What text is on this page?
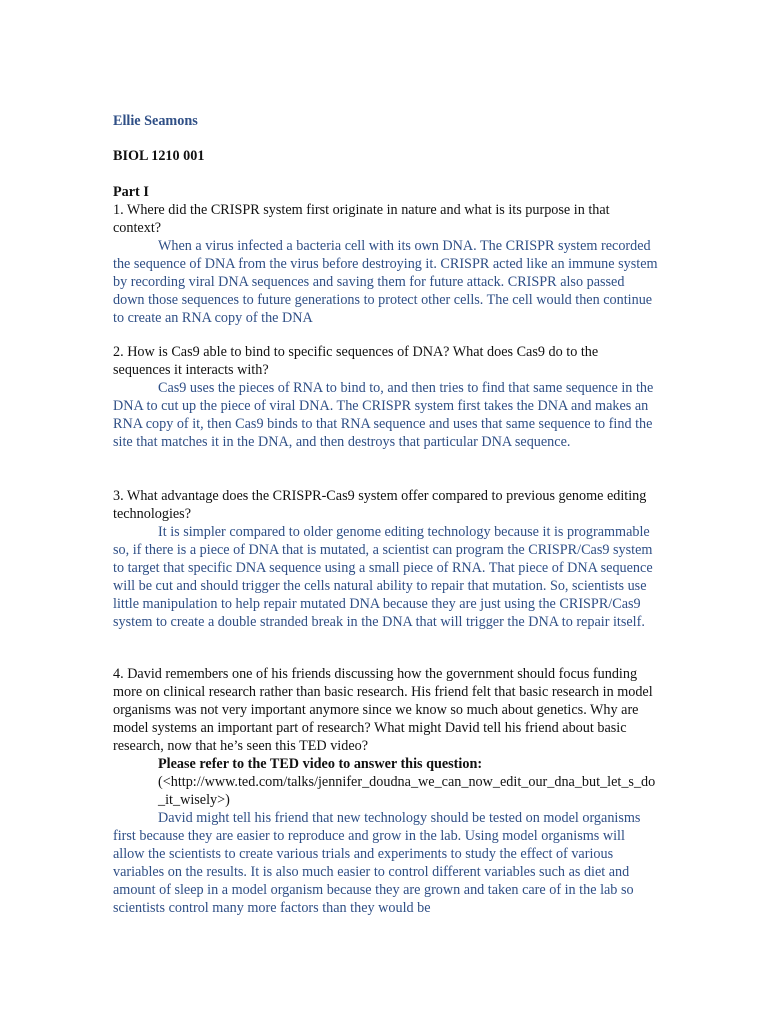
Ellie Seamons
BIOL 1210 001
Part I

1. Where did the CRISPR system first originate in nature and what is its purpose in that context?

When a virus infected a bacteria cell with its own DNA. The CRISPR system recorded the sequence of DNA from the virus before destroying it. CRISPR acted like an immune system by recording viral DNA sequences and saving them for future attack. CRISPR also passed down those sequences to future generations to protect other cells. The cell would then continue to create an RNA copy of the DNA

2. How is Cas9 able to bind to specific sequences of DNA? What does Cas9 do to the sequences it interacts with?

Cas9 uses the pieces of RNA to bind to, and then tries to find that same sequence in the DNA to cut up the piece of viral DNA. The CRISPR system first takes the DNA and makes an RNA copy of it, then Cas9 binds to that RNA sequence and uses that same sequence to find the site that matches it in the DNA, and then destroys that particular DNA sequence.

3. What advantage does the CRISPR-Cas9 system offer compared to previous genome editing technologies?

It is simpler compared to older genome editing technology because it is programmable so, if there is a piece of DNA that is mutated, a scientist can program the CRISPR/Cas9 system to target that specific DNA sequence using a small piece of RNA. That piece of DNA sequence will be cut and should trigger the cells natural ability to repair that mutation. So, scientists use little manipulation to help repair mutated DNA because they are just using the CRISPR/Cas9 system to create a double stranded break in the DNA that will trigger the DNA to repair itself.

4. David remembers one of his friends discussing how the government should focus funding more on clinical research rather than basic research. His friend felt that basic research in model organisms was not very important anymore since we know so much about genetics. Why are model systems an important part of research? What might David tell his friend about basic research, now that he’s seen this TED video?

Please refer to the TED video to answer this question:

(<http://www.ted.com/talks/jennifer_doudna_we_can_now_edit_our_dna_but_let_s_do_it_wisely>)

David might tell his friend that new technology should be tested on model organisms first because they are easier to reproduce and grow in the lab. Using model organisms will allow the scientists to create various trials and experiments to study the effect of various variables on the results. It is also much easier to control different variables such as diet and amount of sleep in a model organism because they are grown and taken care of in the lab so scientists control many more factors than they would be
